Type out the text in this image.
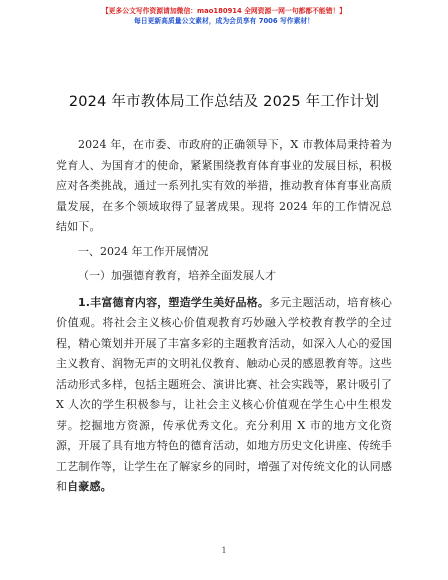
【更多公文写作资源请加微信：mao180914 全网资源一网一句都都不能错！】
每日更新高质量公文素材，成为会员享有 7006 写作素材！
2024 年市教体局工作总结及 2025 年工作计划

2024 年，在市委、市政府的正确领导下，X 市教体局秉持着为党育人、为国育才的使命，紧紧围绕教育体育事业的发展目标，积极应对各类挑战，通过一系列扎实有效的举措，推动教育体育事业高质量发展，在多个领域取得了显著成果。现将 2024 年的工作情况总结如下。

一、2024 年工作开展情况

（一）加强德育教育，培养全面发展人才

1.丰富德育内容，塑造学生美好品格。多元主题活动，培育核心价值观。将社会主义核心价值观教育巧妙融入学校教育教学的全过程，精心策划并开展了丰富多彩的主题教育活动，如深入人心的爱国主义教育、润物无声的文明礼仪教育、触动心灵的感恩教育等。这些活动形式多样，包括主题班会、演讲比赛、社会实践等，累计吸引了 X 人次的学生积极参与，让社会主义核心价值观在学生心中生根发芽。挖掘地方资源，传承优秀文化。充分利用 X 市的地方文化资源，开展了具有地方特色的德育活动，如地方历史文化讲座、传统手工艺制作等，让学生在了解家乡的同时，增强了对传统文化的认同感和自豪感。

1
